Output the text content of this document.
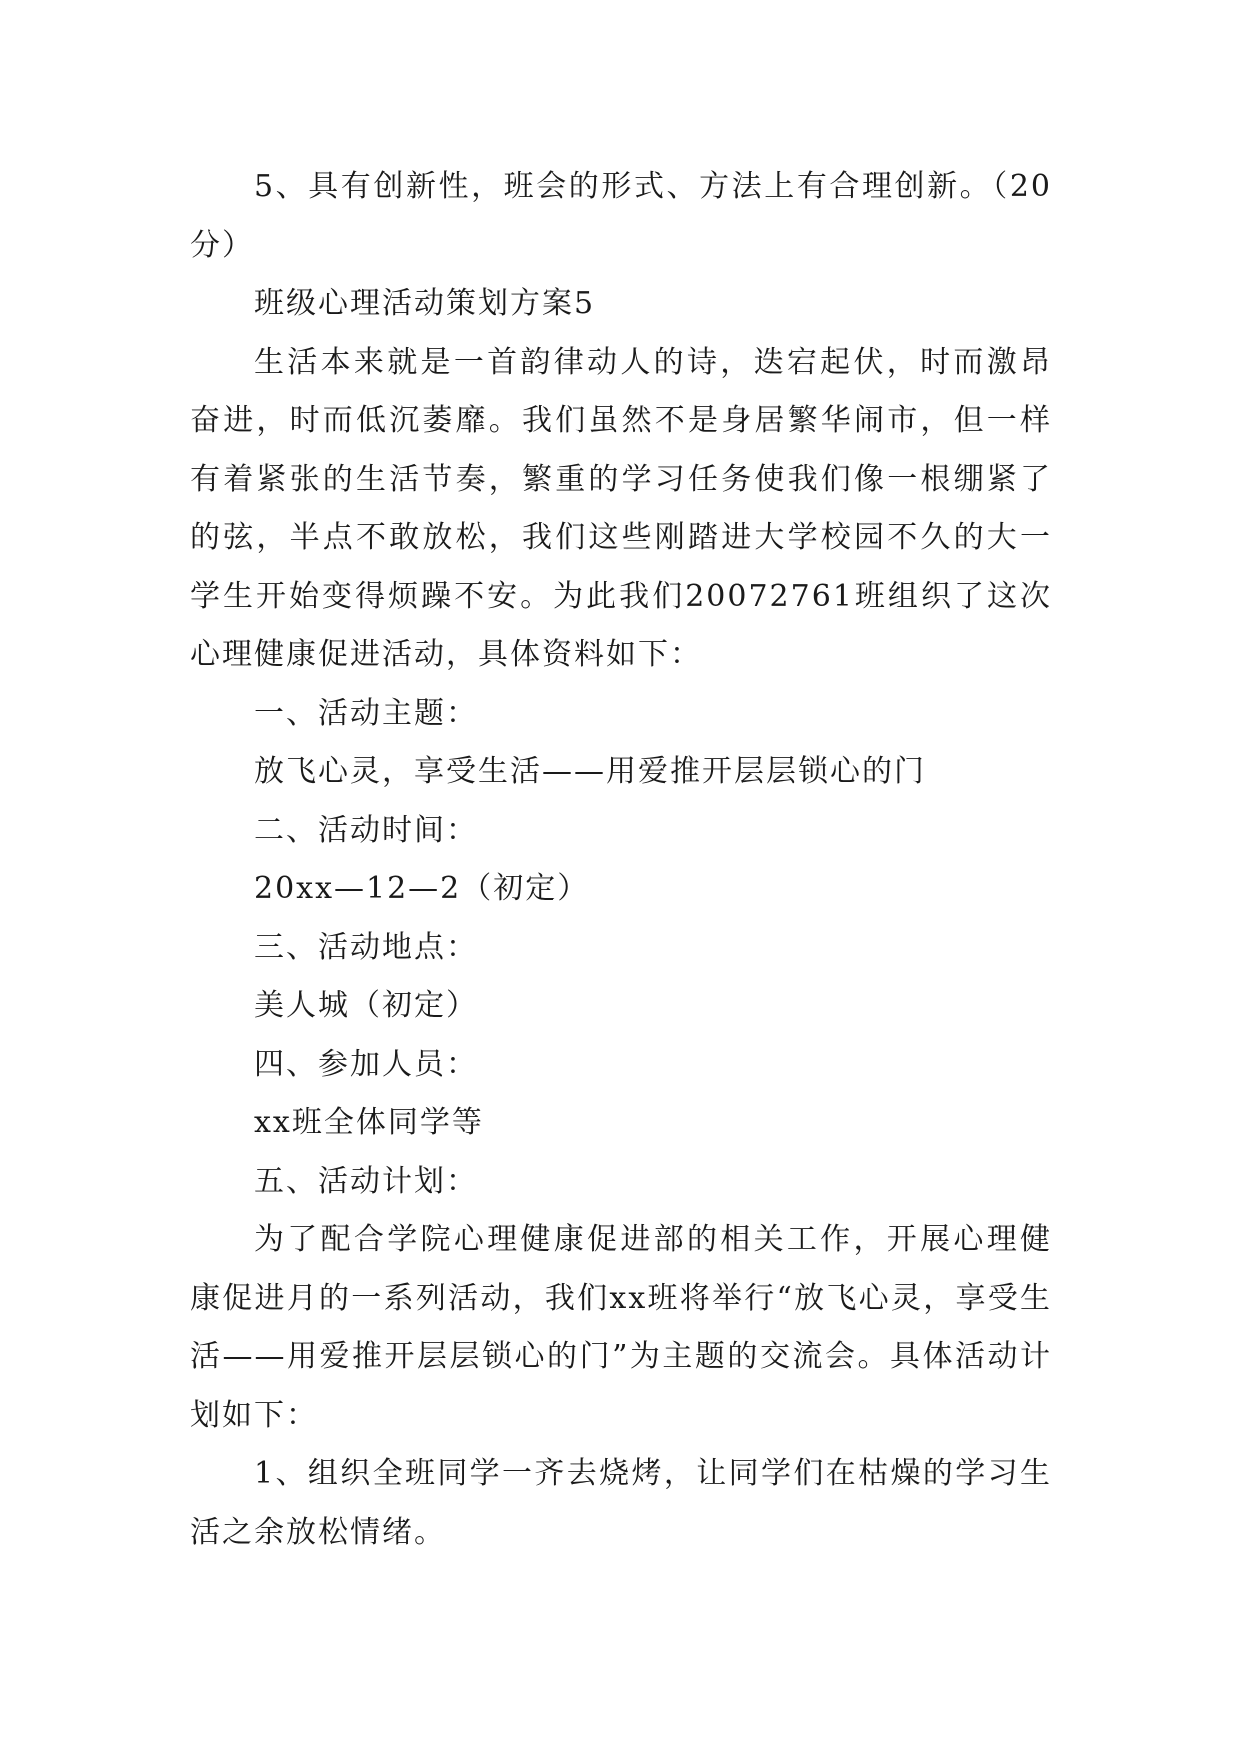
5、具有创新性，班会的形式、方法上有合理创新。（20分）

班级心理活动策划方案5

生活本来就是一首韵律动人的诗，迭宕起伏，时而激昂奋进，时而低沉萎靡。我们虽然不是身居繁华闹市，但一样有着紧张的生活节奏，繁重的学习任务使我们像一根绷紧了的弦，半点不敢放松，我们这些刚踏进大学校园不久的大一学生开始变得烦躁不安。为此我们20072761班组织了这次心理健康促进活动，具体资料如下：

一、活动主题：

放飞心灵，享受生活——用爱推开层层锁心的门

二、活动时间：

20xx—12—2（初定）

三、活动地点：

美人城（初定）

四、参加人员：

xx班全体同学等

五、活动计划：

为了配合学院心理健康促进部的相关工作，开展心理健康促进月的一系列活动，我们xx班将举行“放飞心灵，享受生活——用爱推开层层锁心的门”为主题的交流会。具体活动计划如下：

1、组织全班同学一齐去烧烤，让同学们在枯燥的学习生活之余放松情绪。
